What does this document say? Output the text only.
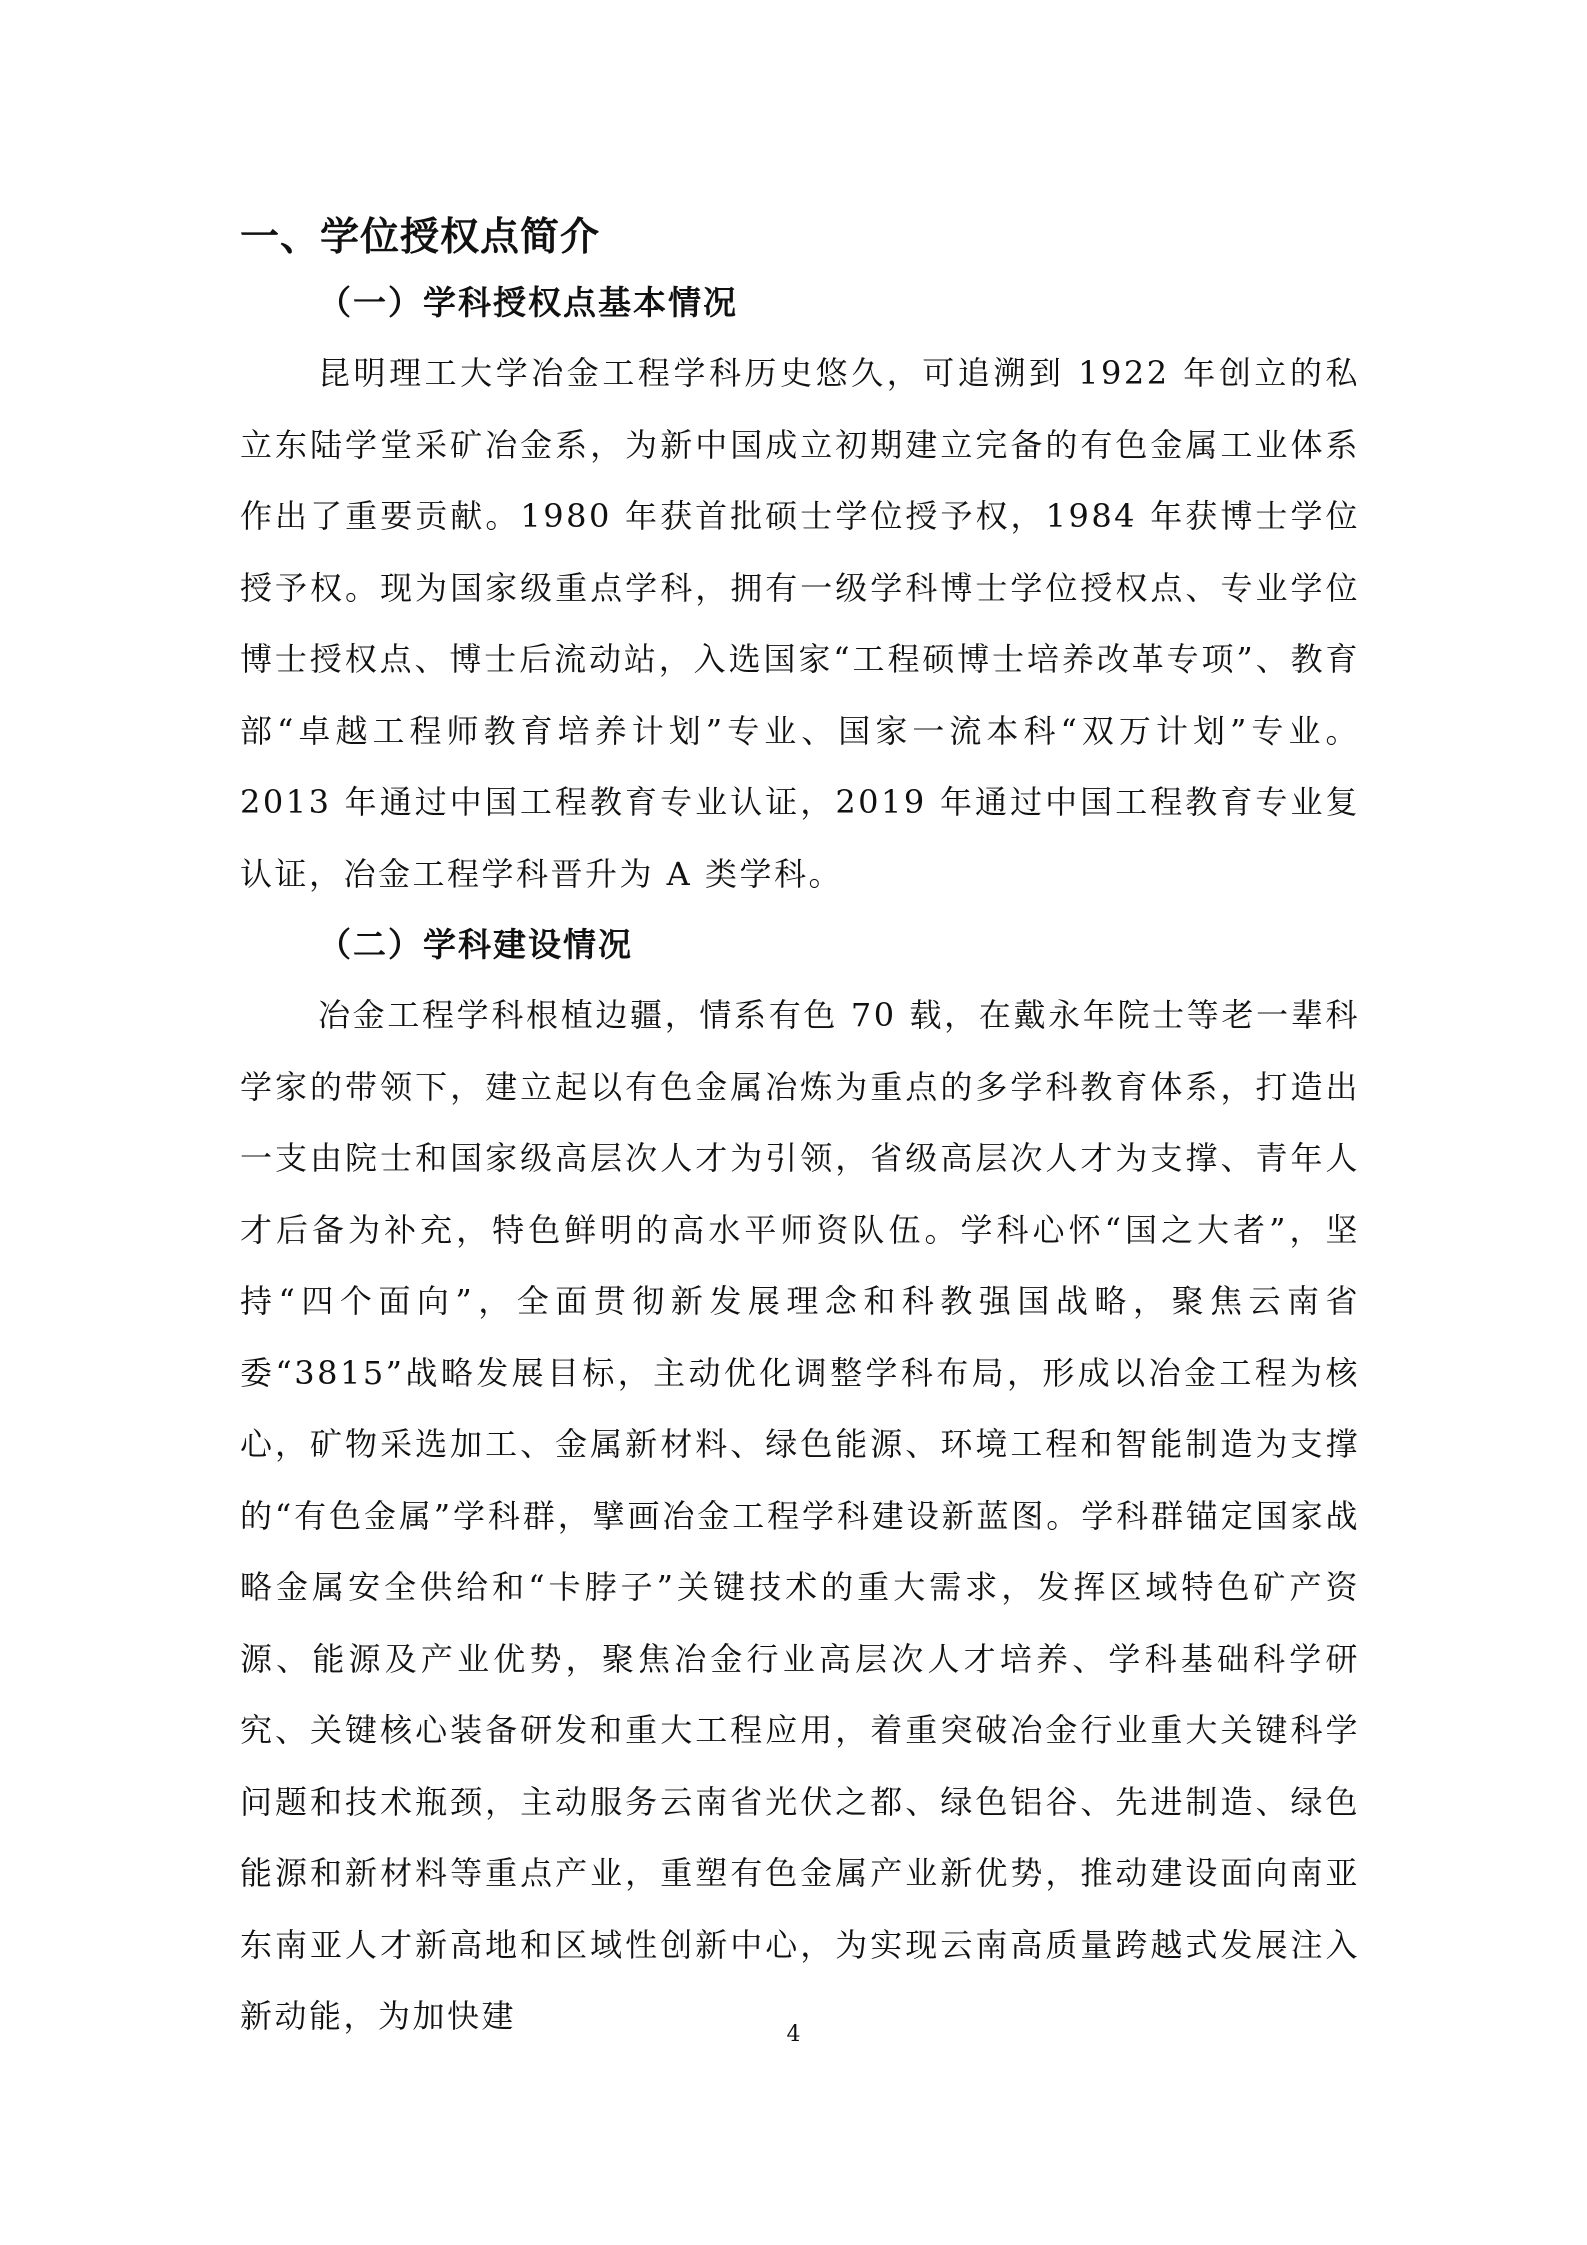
一、学位授权点简介
（一）学科授权点基本情况

昆明理工大学冶金工程学科历史悠久，可追溯到 1922 年创立的私立东陆学堂采矿冶金系，为新中国成立初期建立完备的有色金属工业体系作出了重要贡献。1980 年获首批硕士学位授予权，1984 年获博士学位授予权。现为国家级重点学科，拥有一级学科博士学位授权点、专业学位博士授权点、博士后流动站，入选国家“工程硕博士培养改革专项”、教育部“卓越工程师教育培养计划”专业、国家一流本科“双万计划”专业。2013 年通过中国工程教育专业认证，2019 年通过中国工程教育专业复认证，冶金工程学科晋升为 A 类学科。

（二）学科建设情况

冶金工程学科根植边疆，情系有色 70 载，在戴永年院士等老一辈科学家的带领下，建立起以有色金属冶炼为重点的多学科教育体系，打造出一支由院士和国家级高层次人才为引领，省级高层次人才为支撑、青年人才后备为补充，特色鲜明的高水平师资队伍。学科心怀“国之大者”，坚持“四个面向”，全面贯彻新发展理念和科教强国战略，聚焦云南省委“3815”战略发展目标，主动优化调整学科布局，形成以冶金工程为核心，矿物采选加工、金属新材料、绿色能源、环境工程和智能制造为支撑的“有色金属”学科群，擘画冶金工程学科建设新蓝图。学科群锚定国家战略金属安全供给和“卡脖子”关键技术的重大需求，发挥区域特色矿产资源、能源及产业优势，聚焦冶金行业高层次人才培养、学科基础科学研究、关键核心装备研发和重大工程应用，着重突破冶金行业重大关键科学问题和技术瓶颈，主动服务云南省光伏之都、绿色铝谷、先进制造、绿色能源和新材料等重点产业，重塑有色金属产业新优势，推动建设面向南亚东南亚人才新高地和区域性创新中心，为实现云南高质量跨越式发展注入新动能，为加快建	4
